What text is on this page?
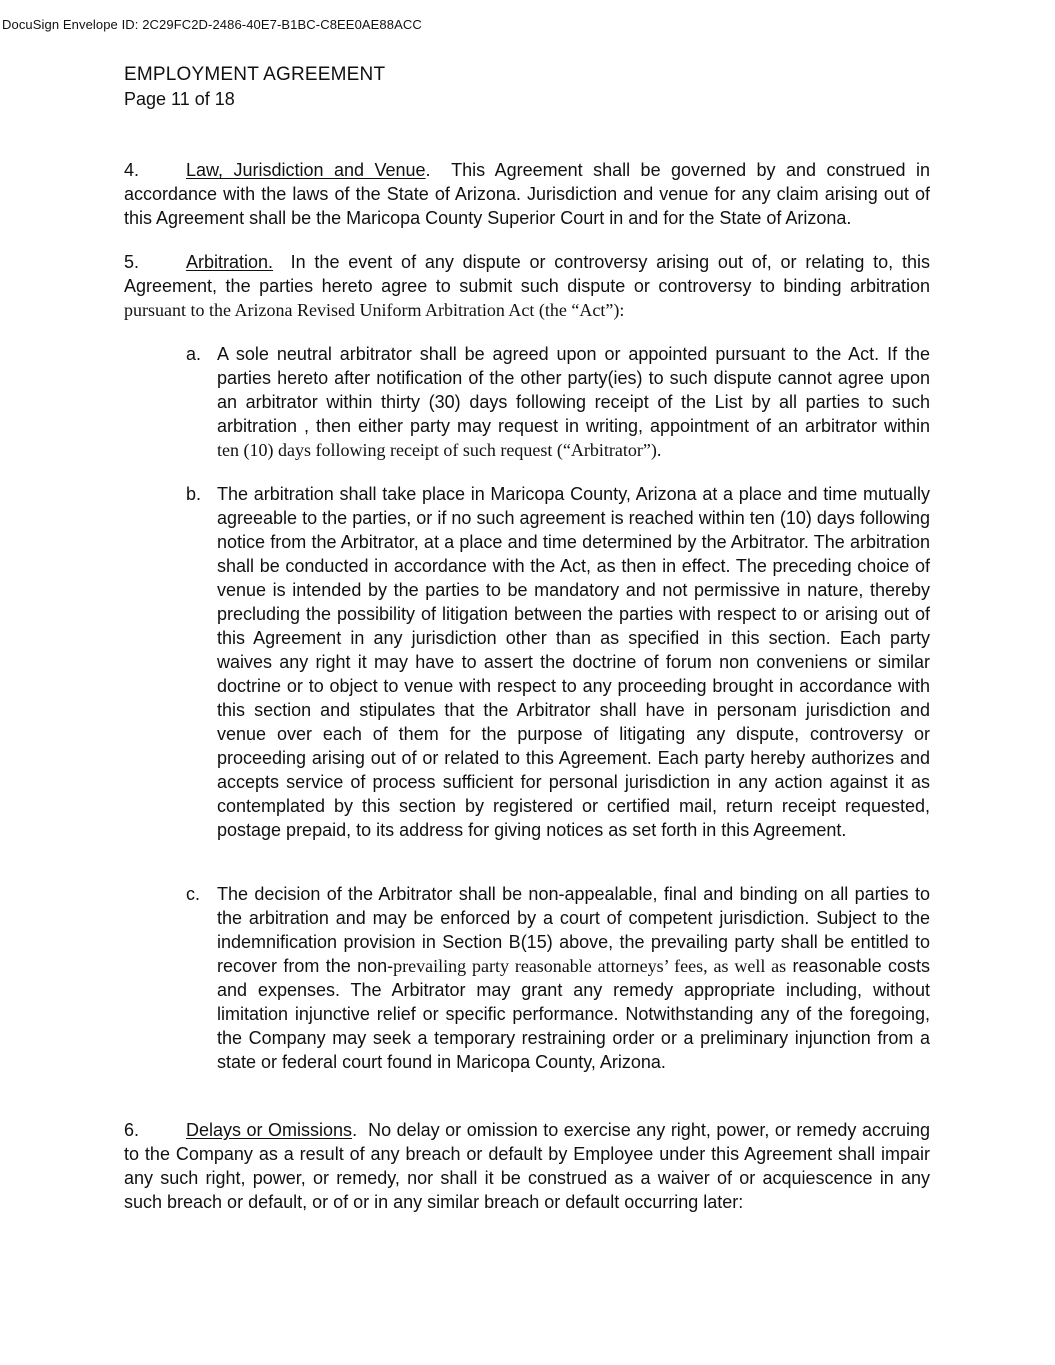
DocuSign Envelope ID: 2C29FC2D-2486-40E7-B1BC-C8EE0AE88ACC
EMPLOYMENT AGREEMENT
Page 11 of 18
4.	Law, Jurisdiction and Venue. This Agreement shall be governed by and construed in accordance with the laws of the State of Arizona. Jurisdiction and venue for any claim arising out of this Agreement shall be the Maricopa County Superior Court in and for the State of Arizona.
5.	Arbitration. In the event of any dispute or controversy arising out of, or relating to, this Agreement, the parties hereto agree to submit such dispute or controversy to binding arbitration pursuant to the Arizona Revised Uniform Arbitration Act (the “Act”):
a. A sole neutral arbitrator shall be agreed upon or appointed pursuant to the Act. If the parties hereto after notification of the other party(ies) to such dispute cannot agree upon an arbitrator within thirty (30) days following receipt of the List by all parties to such arbitration , then either party may request in writing, appointment of an arbitrator within ten (10) days following receipt of such request (“Arbitrator”).
b. The arbitration shall take place in Maricopa County, Arizona at a place and time mutually agreeable to the parties, or if no such agreement is reached within ten (10) days following notice from the Arbitrator, at a place and time determined by the Arbitrator. The arbitration shall be conducted in accordance with the Act, as then in effect. The preceding choice of venue is intended by the parties to be mandatory and not permissive in nature, thereby precluding the possibility of litigation between the parties with respect to or arising out of this Agreement in any jurisdiction other than as specified in this section. Each party waives any right it may have to assert the doctrine of forum non conveniens or similar doctrine or to object to venue with respect to any proceeding brought in accordance with this section and stipulates that the Arbitrator shall have in personam jurisdiction and venue over each of them for the purpose of litigating any dispute, controversy or proceeding arising out of or related to this Agreement. Each party hereby authorizes and accepts service of process sufficient for personal jurisdiction in any action against it as contemplated by this section by registered or certified mail, return receipt requested, postage prepaid, to its address for giving notices as set forth in this Agreement.
c. The decision of the Arbitrator shall be non-appealable, final and binding on all parties to the arbitration and may be enforced by a court of competent jurisdiction. Subject to the indemnification provision in Section B(15) above, the prevailing party shall be entitled to recover from the non-prevailing party reasonable attorneys’ fees, as well as reasonable costs and expenses. The Arbitrator may grant any remedy appropriate including, without limitation injunctive relief or specific performance. Notwithstanding any of the foregoing, the Company may seek a temporary restraining order or a preliminary injunction from a state or federal court found in Maricopa County, Arizona.
6.	Delays or Omissions. No delay or omission to exercise any right, power, or remedy accruing to the Company as a result of any breach or default by Employee under this Agreement shall impair any such right, power, or remedy, nor shall it be construed as a waiver of or acquiescence in any such breach or default, or of or in any similar breach or default occurring later:
